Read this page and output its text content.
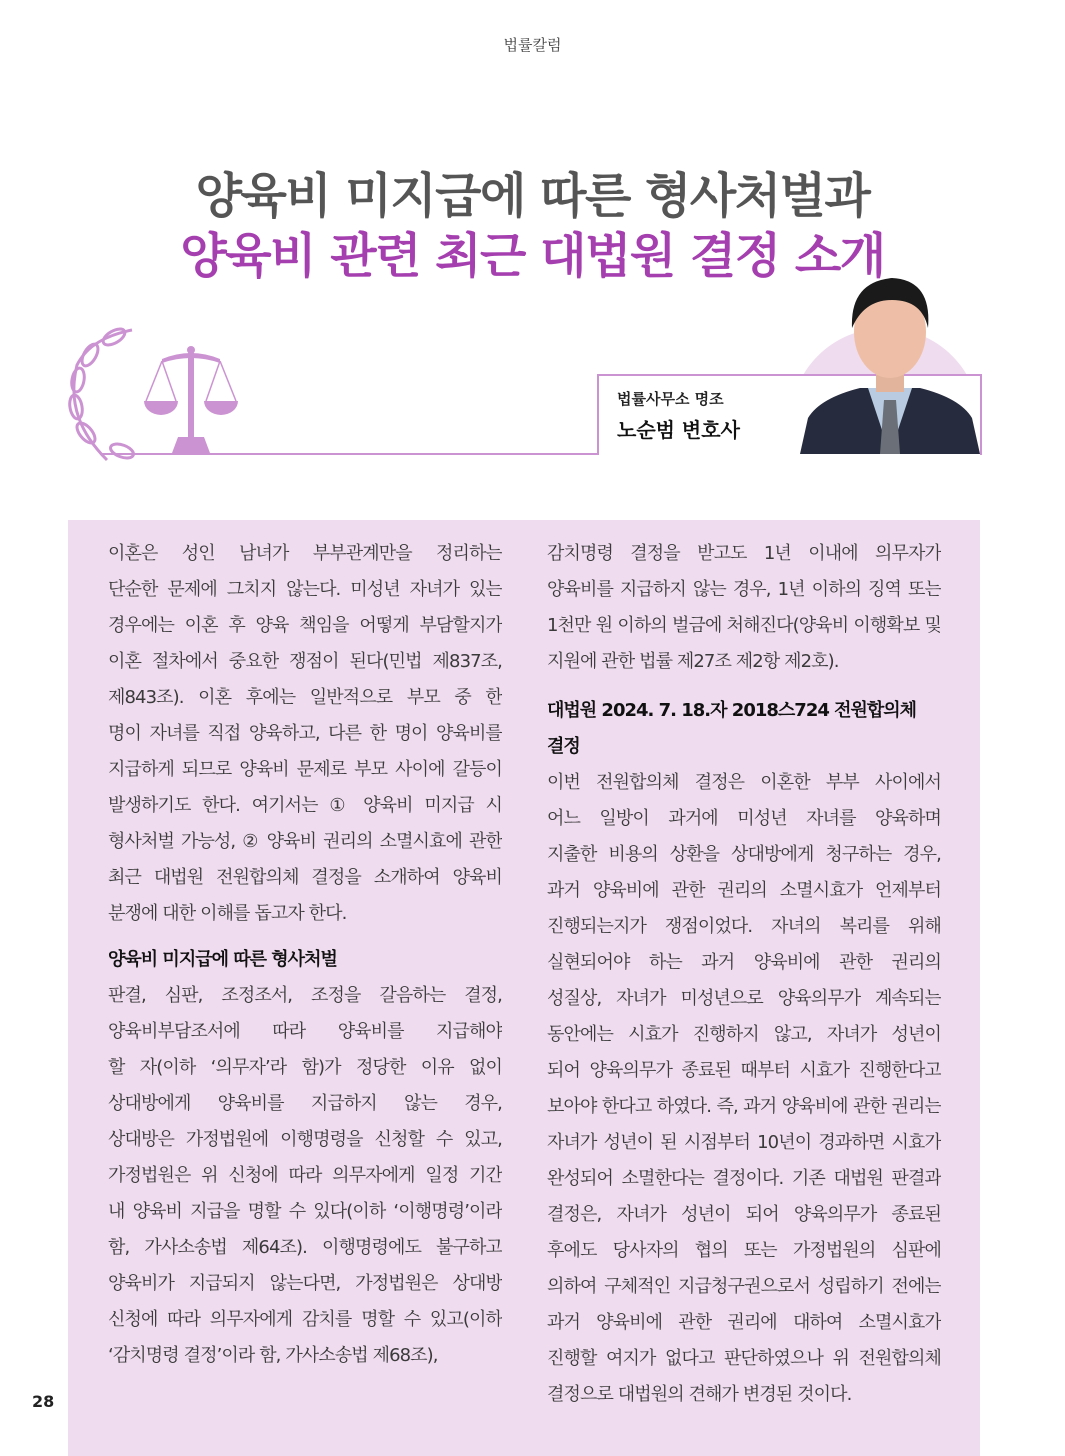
법률칼럼
양육비 미지급에 따른 형사처벌과
양육비 관련 최근 대법원 결정 소개
법률사무소 명조
노순범 변호사
이혼은 성인 남녀가 부부관계만을 정리하는
단순한 문제에 그치지 않는다. 미성년 자녀가 있는
경우에는 이혼 후 양육 책임을 어떻게 부담할지가
이혼 절차에서 중요한 쟁점이 된다(민법 제837조,
제843조). 이혼 후에는 일반적으로 부모 중 한
명이 자녀를 직접 양육하고, 다른 한 명이 양육비를
지급하게 되므로 양육비 문제로 부모 사이에 갈등이
발생하기도 한다. 여기서는 ① 양육비 미지급 시
형사처벌 가능성, ② 양육비 권리의 소멸시효에 관한
최근 대법원 전원합의체 결정을 소개하여 양육비
분쟁에 대한 이해를 돕고자 한다.
양육비 미지급에 따른 형사처벌
판결, 심판, 조정조서, 조정을 갈음하는 결정,
양육비부담조서에 따라 양육비를 지급해야
할 자(이하 ‘의무자’라 함)가 정당한 이유 없이
상대방에게 양육비를 지급하지 않는 경우,
상대방은 가정법원에 이행명령을 신청할 수 있고,
가정법원은 위 신청에 따라 의무자에게 일정 기간
내 양육비 지급을 명할 수 있다(이하 ‘이행명령’이라
함, 가사소송법 제64조). 이행명령에도 불구하고
양육비가 지급되지 않는다면, 가정법원은 상대방
신청에 따라 의무자에게 감치를 명할 수 있고(이하
‘감치명령 결정’이라 함, 가사소송법 제68조),
감치명령 결정을 받고도 1년 이내에 의무자가
양육비를 지급하지 않는 경우, 1년 이하의 징역 또는
1천만 원 이하의 벌금에 처해진다(양육비 이행확보 및
지원에 관한 법률 제27조 제2항 제2호).
대법원 2024. 7. 18.자 2018스724 전원합의체 결정
이번 전원합의체 결정은 이혼한 부부 사이에서
어느 일방이 과거에 미성년 자녀를 양육하며
지출한 비용의 상환을 상대방에게 청구하는 경우,
과거 양육비에 관한 권리의 소멸시효가 언제부터
진행되는지가 쟁점이었다. 자녀의 복리를 위해
실현되어야 하는 과거 양육비에 관한 권리의
성질상, 자녀가 미성년으로 양육의무가 계속되는
동안에는 시효가 진행하지 않고, 자녀가 성년이
되어 양육의무가 종료된 때부터 시효가 진행한다고
보아야 한다고 하였다. 즉, 과거 양육비에 관한 권리는
자녀가 성년이 된 시점부터 10년이 경과하면 시효가
완성되어 소멸한다는 결정이다. 기존 대법원 판결과
결정은, 자녀가 성년이 되어 양육의무가 종료된
후에도 당사자의 협의 또는 가정법원의 심판에
의하여 구체적인 지급청구권으로서 성립하기 전에는
과거 양육비에 관한 권리에 대하여 소멸시효가
진행할 여지가 없다고 판단하였으나 위 전원합의체
결정으로 대법원의 견해가 변경된 것이다.
28
